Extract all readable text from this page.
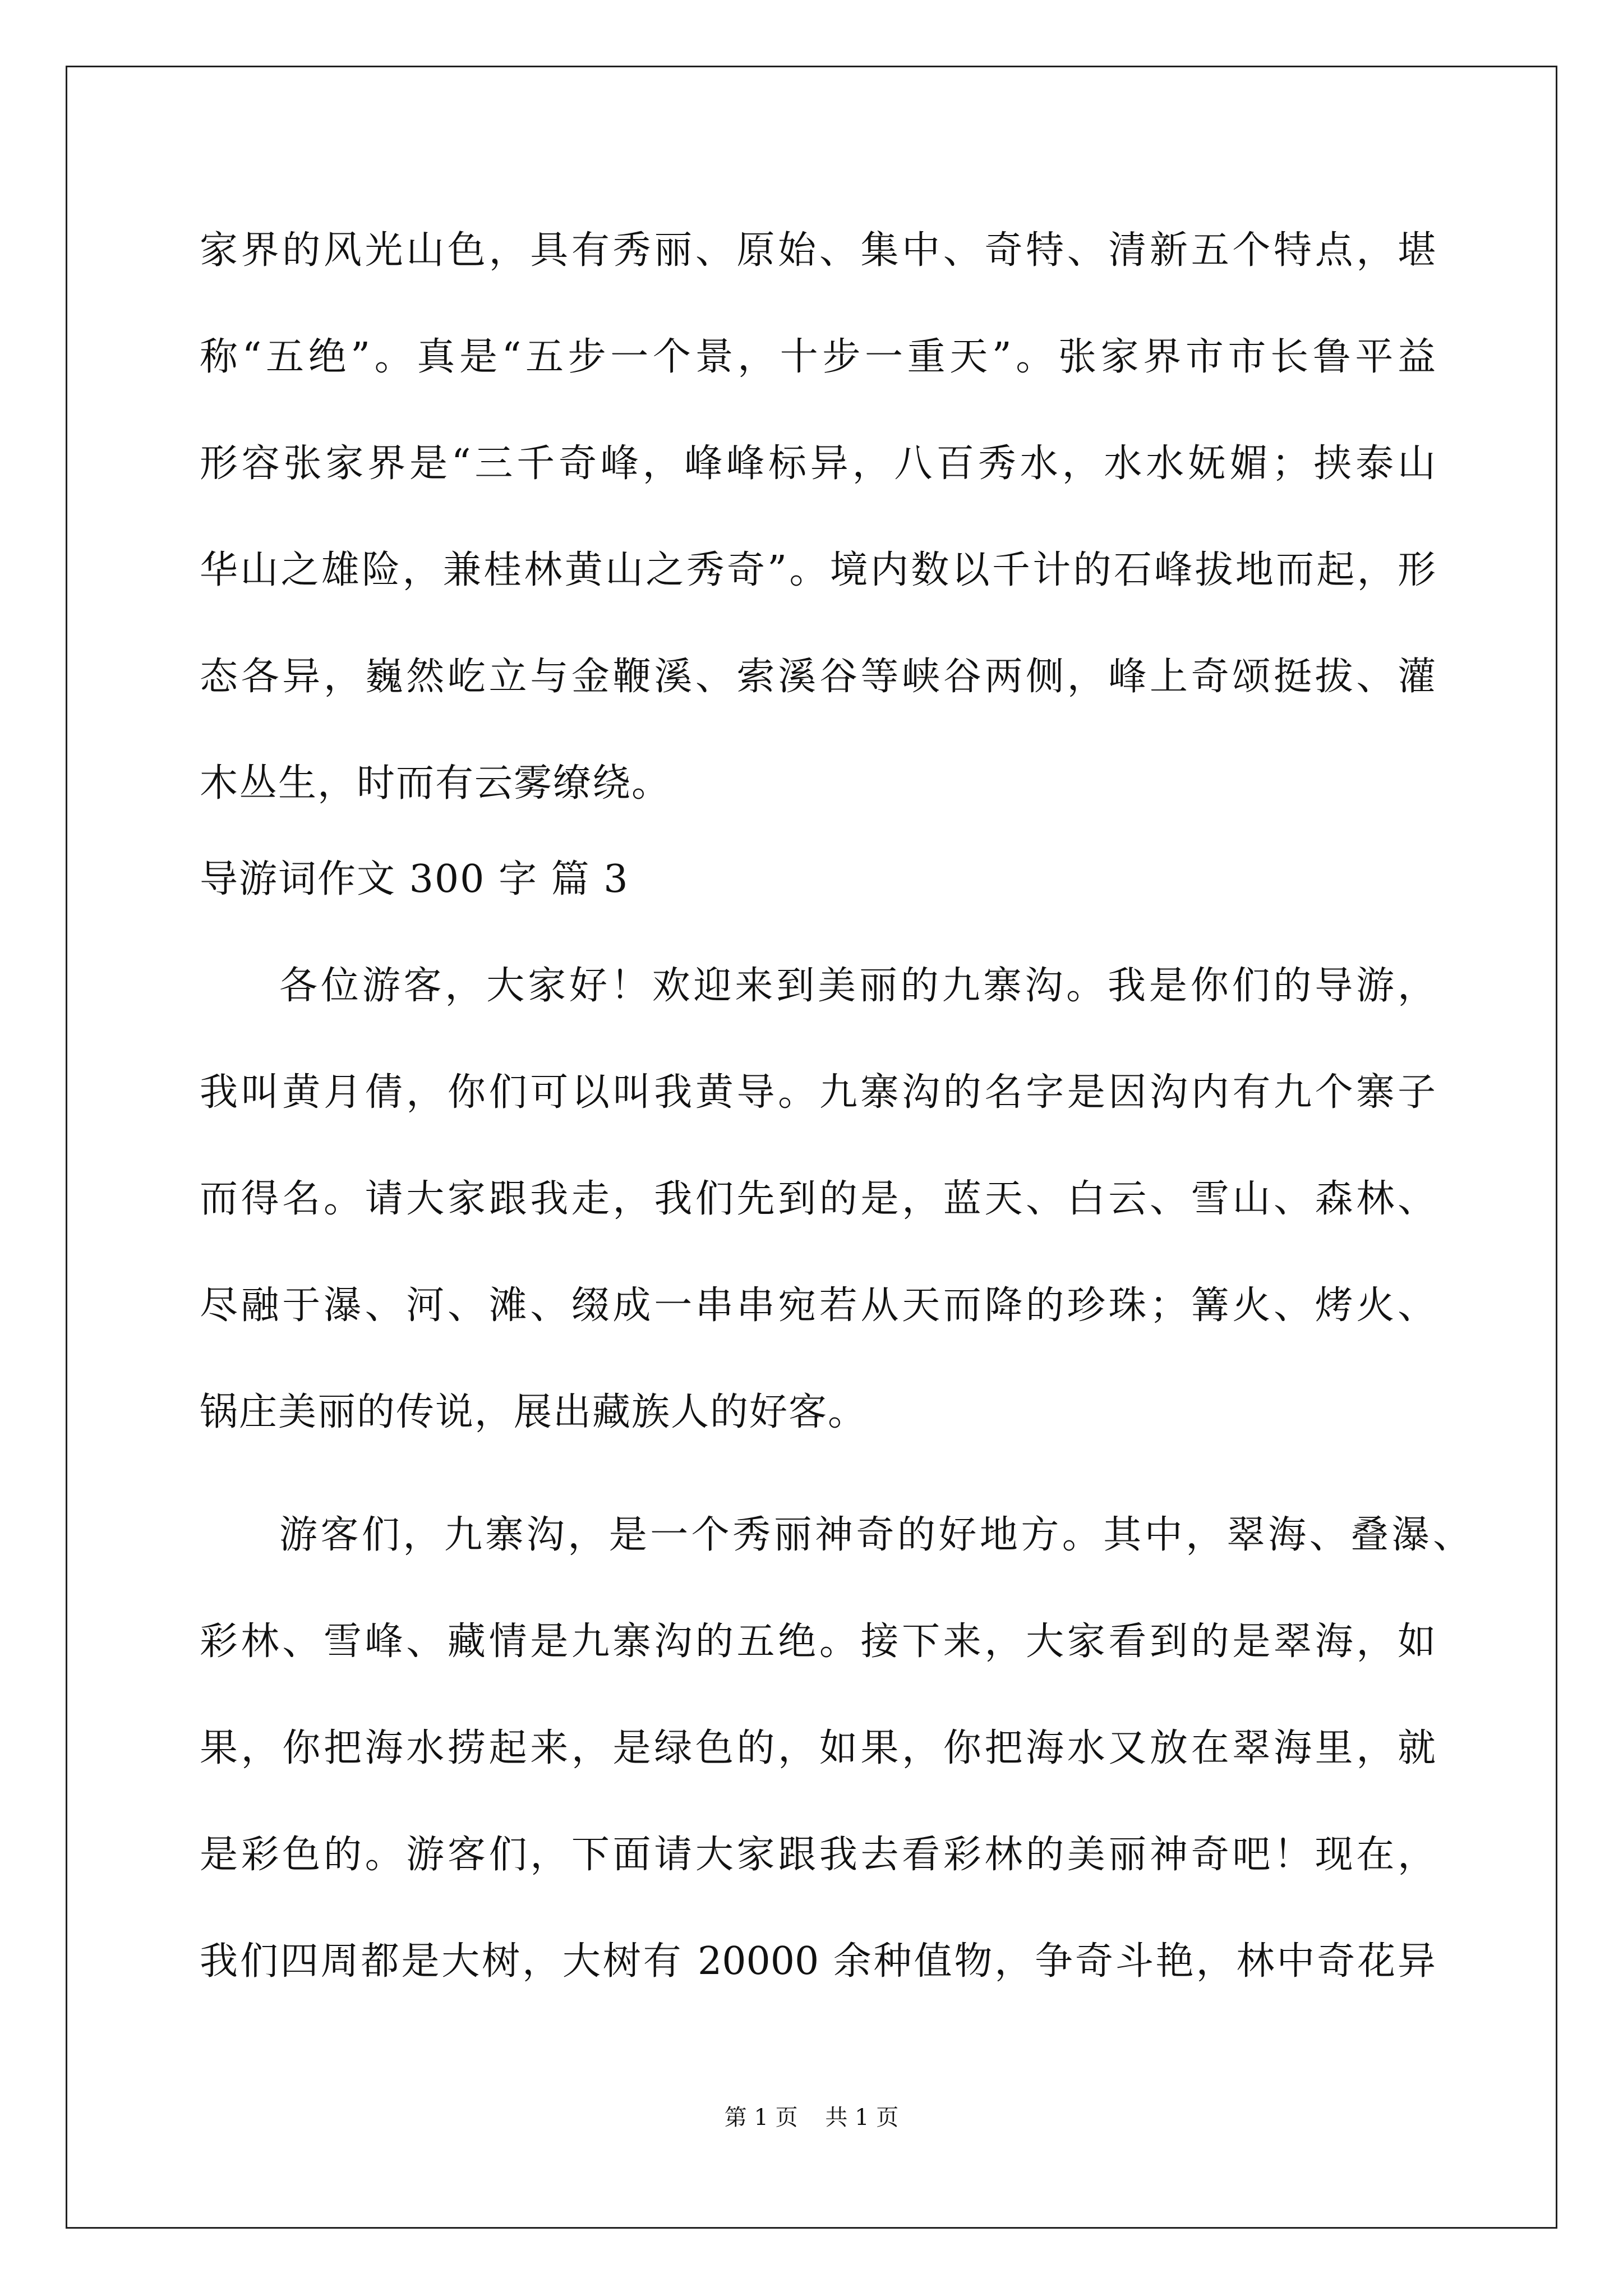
家界的风光山色，具有秀丽、原始、集中、奇特、清新五个特点，堪
称“五绝”。真是“五步一个景，十步一重天”。张家界市市长鲁平益
形容张家界是“三千奇峰，峰峰标异，八百秀水，水水妩媚；挟泰山
华山之雄险，兼桂林黄山之秀奇”。境内数以千计的石峰拔地而起，形
态各异，巍然屹立与金鞭溪、索溪谷等峡谷两侧，峰上奇颂挺拔、灌
木丛生，时而有云雾缭绕。
导游词作文 300 字 篇 3
各位游客，大家好！欢迎来到美丽的九寨沟。我是你们的导游，
我叫黄月倩，你们可以叫我黄导。九寨沟的名字是因沟内有九个寨子
而得名。请大家跟我走，我们先到的是，蓝天、白云、雪山、森林、
尽融于瀑、河、滩、缀成一串串宛若从天而降的珍珠；篝火、烤火、
锅庄美丽的传说，展出藏族人的好客。
游客们，九寨沟，是一个秀丽神奇的好地方。其中，翠海、叠瀑、
彩林、雪峰、藏情是九寨沟的五绝。接下来，大家看到的是翠海，如
果，你把海水捞起来，是绿色的，如果，你把海水又放在翠海里，就
是彩色的。游客们，下面请大家跟我去看彩林的美丽神奇吧！现在，
我们四周都是大树，大树有 20000 余种值物，争奇斗艳，林中奇花异
第 1 页 共 1 页
